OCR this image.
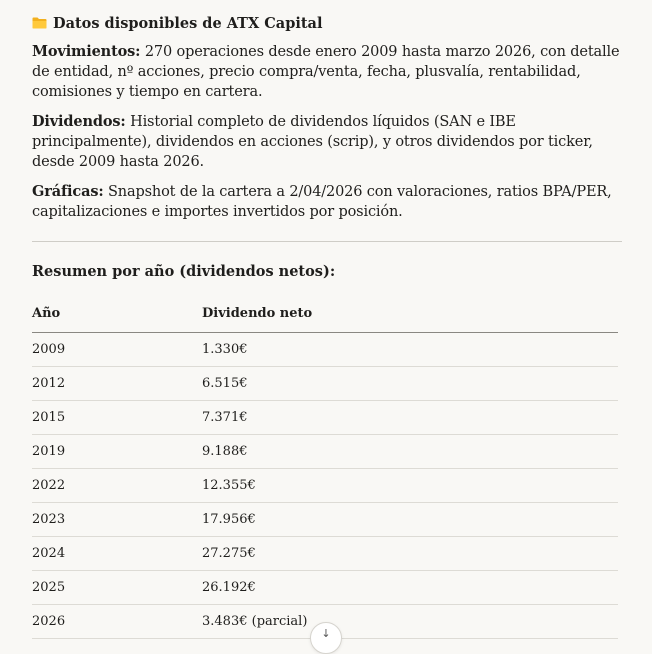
Datos disponibles de ATX Capital

Movimientos: 270 operaciones desde enero 2009 hasta marzo 2026, con detalle de entidad, nº acciones, precio compra/venta, fecha, plusvalía, rentabilidad, comisiones y tiempo en cartera.

Dividendos: Historial completo de dividendos líquidos (SAN e IBE principalmente), dividendos en acciones (scrip), y otros dividendos por ticker, desde 2009 hasta 2026.

Gráficas: Snapshot de la cartera a 2/04/2026 con valoraciones, ratios BPA/PER, capitalizaciones e importes invertidos por posición.

Resumen por año (dividendos netos):
Año	Dividendo neto
2009	1.330€
2012	6.515€
2015	7.371€
2019	9.188€
2022	12.355€
2023	17.956€
2024	27.275€
2025	26.192€
2026	3.483€ (parcial)
↓
